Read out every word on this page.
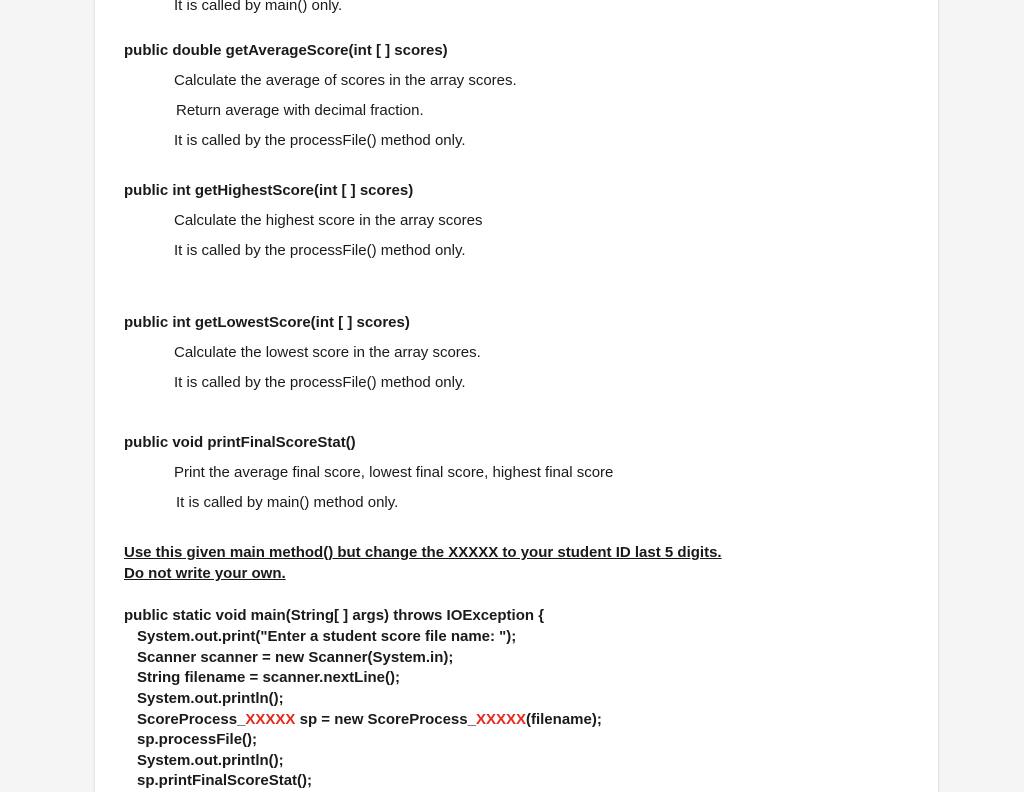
It is called by main() only.
public double getAverageScore(int [ ] scores)
Calculate the average of scores in the array scores.
Return average with decimal fraction.
It is called by the processFile() method only.
public int getHighestScore(int [ ] scores)
Calculate the highest score in the array scores
It is called by the processFile() method only.
public int getLowestScore(int [ ] scores)
Calculate the lowest score in the array scores.
It is called by the processFile() method only.
public void printFinalScoreStat()
Print the average final score, lowest final score, highest final score
It is called by main() method only.
Use this given main method() but change the XXXXX to your student ID last 5 digits.
Do not write your own.
public static void main(String[ ] args) throws IOException {
System.out.print("Enter a student score file name: ");
Scanner scanner = new Scanner(System.in);
String filename = scanner.nextLine();
System.out.println();
ScoreProcess_XXXXX sp = new ScoreProcess_XXXXX(filename);
sp.processFile();
System.out.println();
sp.printFinalScoreStat();
